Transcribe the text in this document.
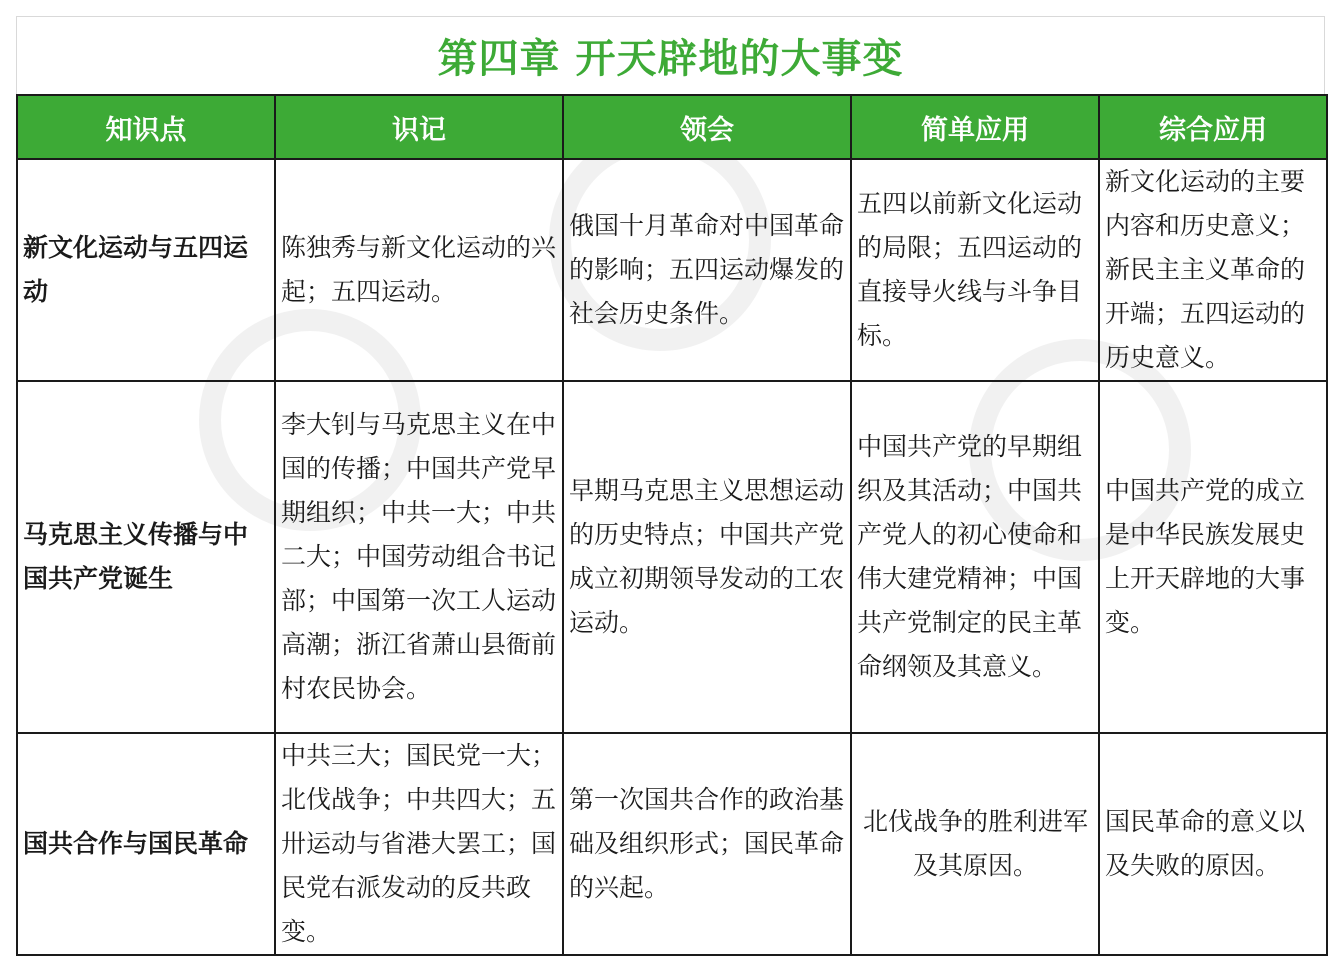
第四章 开天辟地的大事变
知识点	识记	领会	简单应用	综合应用
新文化运动与五四运动	陈独秀与新文化运动的兴起；五四运动。	俄国十月革命对中国革命的影响；五四运动爆发的社会历史条件。	五四以前新文化运动的局限；五四运动的直接导火线与斗争目标。	新文化运动的主要内容和历史意义；新民主主义革命的开端；五四运动的历史意义。
马克思主义传播与中国共产党诞生	李大钊与马克思主义在中国的传播；中国共产党早期组织；中共一大；中共二大；中国劳动组合书记部；中国第一次工人运动高潮；浙江省萧山县衙前村农民协会。	早期马克思主义思想运动的历史特点；中国共产党成立初期领导发动的工农运动。	中国共产党的早期组织及其活动；中国共产党人的初心使命和伟大建党精神；中国共产党制定的民主革命纲领及其意义。	中国共产党的成立是中华民族发展史上开天辟地的大事变。
国共合作与国民革命	中共三大；国民党一大；北伐战争；中共四大；五卅运动与省港大罢工；国民党右派发动的反共政变。	第一次国共合作的政治基础及组织形式；国民革命的兴起。	北伐战争的胜利进军及其原因。	国民革命的意义以及失败的原因。
